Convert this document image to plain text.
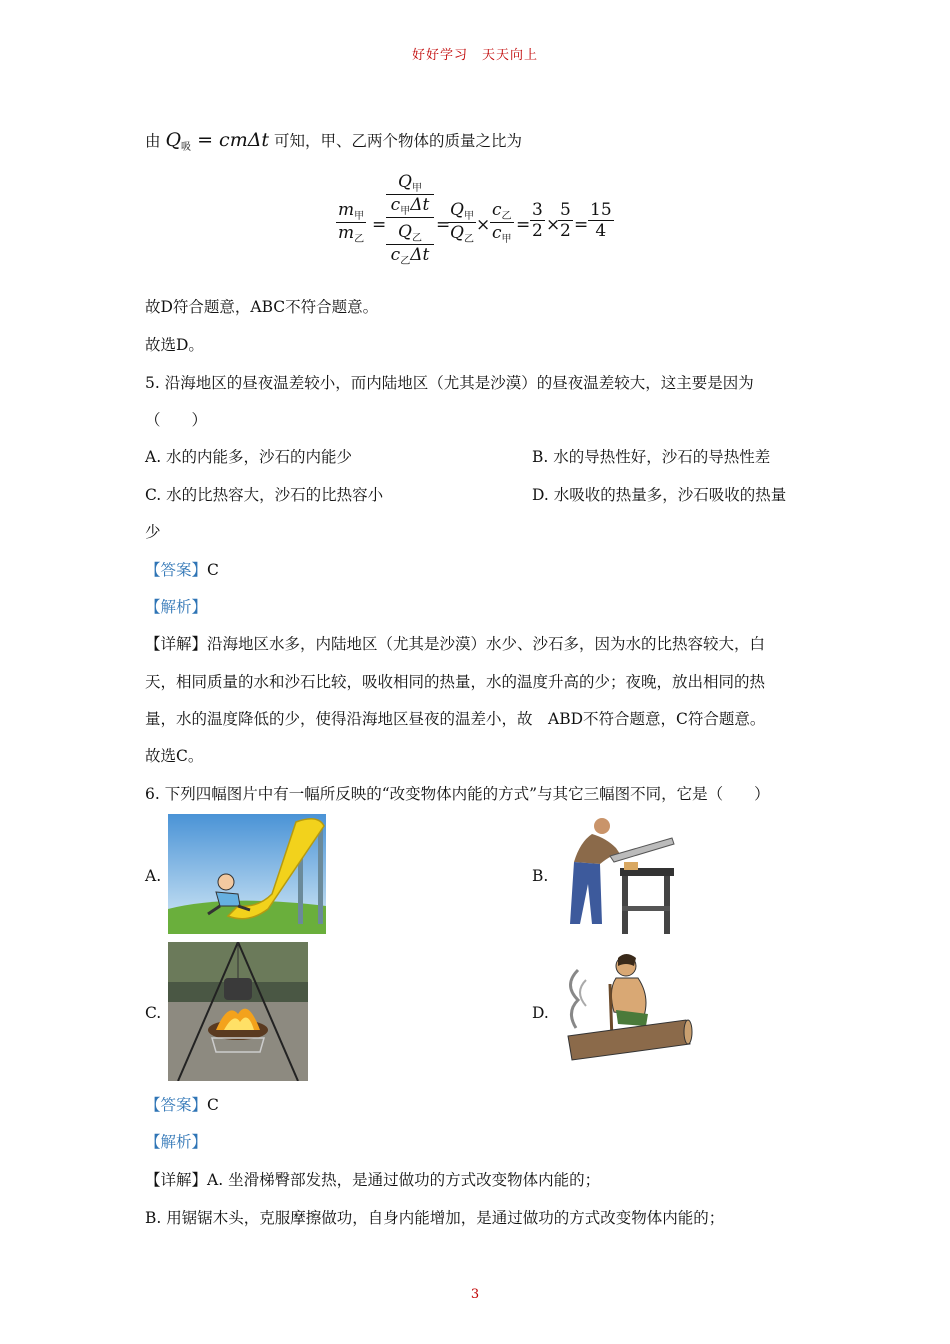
好好学习　天天向上
由 $Q_吸 = cm\Delta t$ 可知，甲、乙两个物体的质量之比为
$\frac{m_甲}{m_乙}$ =
$Q_甲$
$c_甲\Delta t$
$Q_乙$
$c_乙\Delta t$
=
$\frac{Q_甲}{Q_乙} \times \frac{c_乙}{c_甲} = \frac{3}{2}$ ×
$\frac{5}{2} = \frac{15}{4}$
故D符合题意，ABC不符合题意。
故选D。
5. 沿海地区的昼夜温差较小，而内陆地区（尤其是沙漠）的昼夜温差较大，这主要是因为
（　　）
A. 水的内能多，沙石的内能少	B. 水的导热性好，沙石的导热性差
C. 水的比热容大，沙石的比热容小	D. 水吸收的热量多，沙石吸收的热量
少
【答案】C
【解析】
【详解】沿海地区水多，内陆地区（尤其是沙漠）水少、沙石多，因为水的比热容较大，白
天，相同质量的水和沙石比较，吸收相同的热量，水的温度升高的少；夜晚，放出相同的热
量，水的温度降低的少，使得沿海地区昼夜的温差小，故　ABD不符合题意，C符合题意。
故选C。
6. 下列四幅图片中有一幅所反映的“改变物体内能的方式”与其它三幅图不同，它是（　　）
A.	B.
C.	D.
【答案】C
【解析】
【详解】A. 坐滑梯臀部发热，是通过做功的方式改变物体内能的；
B. 用锯锯木头，克服摩擦做功，自身内能增加，是通过做功的方式改变物体内能的；
3
